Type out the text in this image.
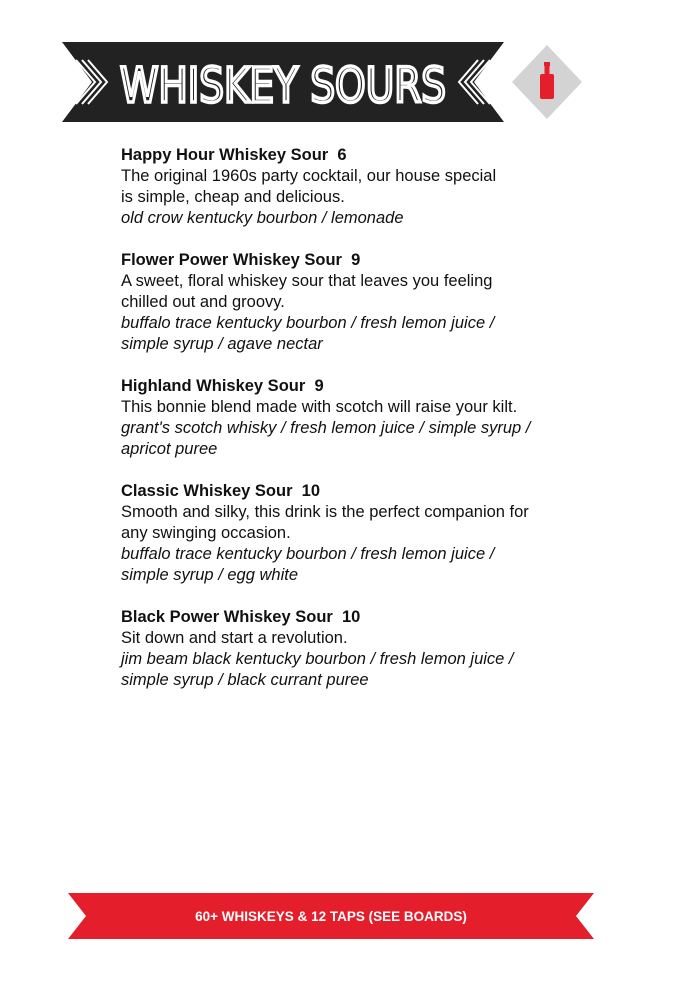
WHISKEY SOURS
Happy Hour Whiskey Sour 6
The original 1960s party cocktail, our house special
is simple, cheap and delicious.
old crow kentucky bourbon / lemonade
Flower Power Whiskey Sour 9
A sweet, floral whiskey sour that leaves you feeling
chilled out and groovy.
buffalo trace kentucky bourbon / fresh lemon juice /
simple syrup / agave nectar
Highland Whiskey Sour 9
This bonnie blend made with scotch will raise your kilt.
grant's scotch whisky / fresh lemon juice / simple syrup /
apricot puree
Classic Whiskey Sour 10
Smooth and silky, this drink is the perfect companion for
any swinging occasion.
buffalo trace kentucky bourbon / fresh lemon juice /
simple syrup / egg white
Black Power Whiskey Sour 10
Sit down and start a revolution.
jim beam black kentucky bourbon / fresh lemon juice /
simple syrup / black currant puree
60+ WHISKEYS & 12 TAPS (SEE BOARDS)
